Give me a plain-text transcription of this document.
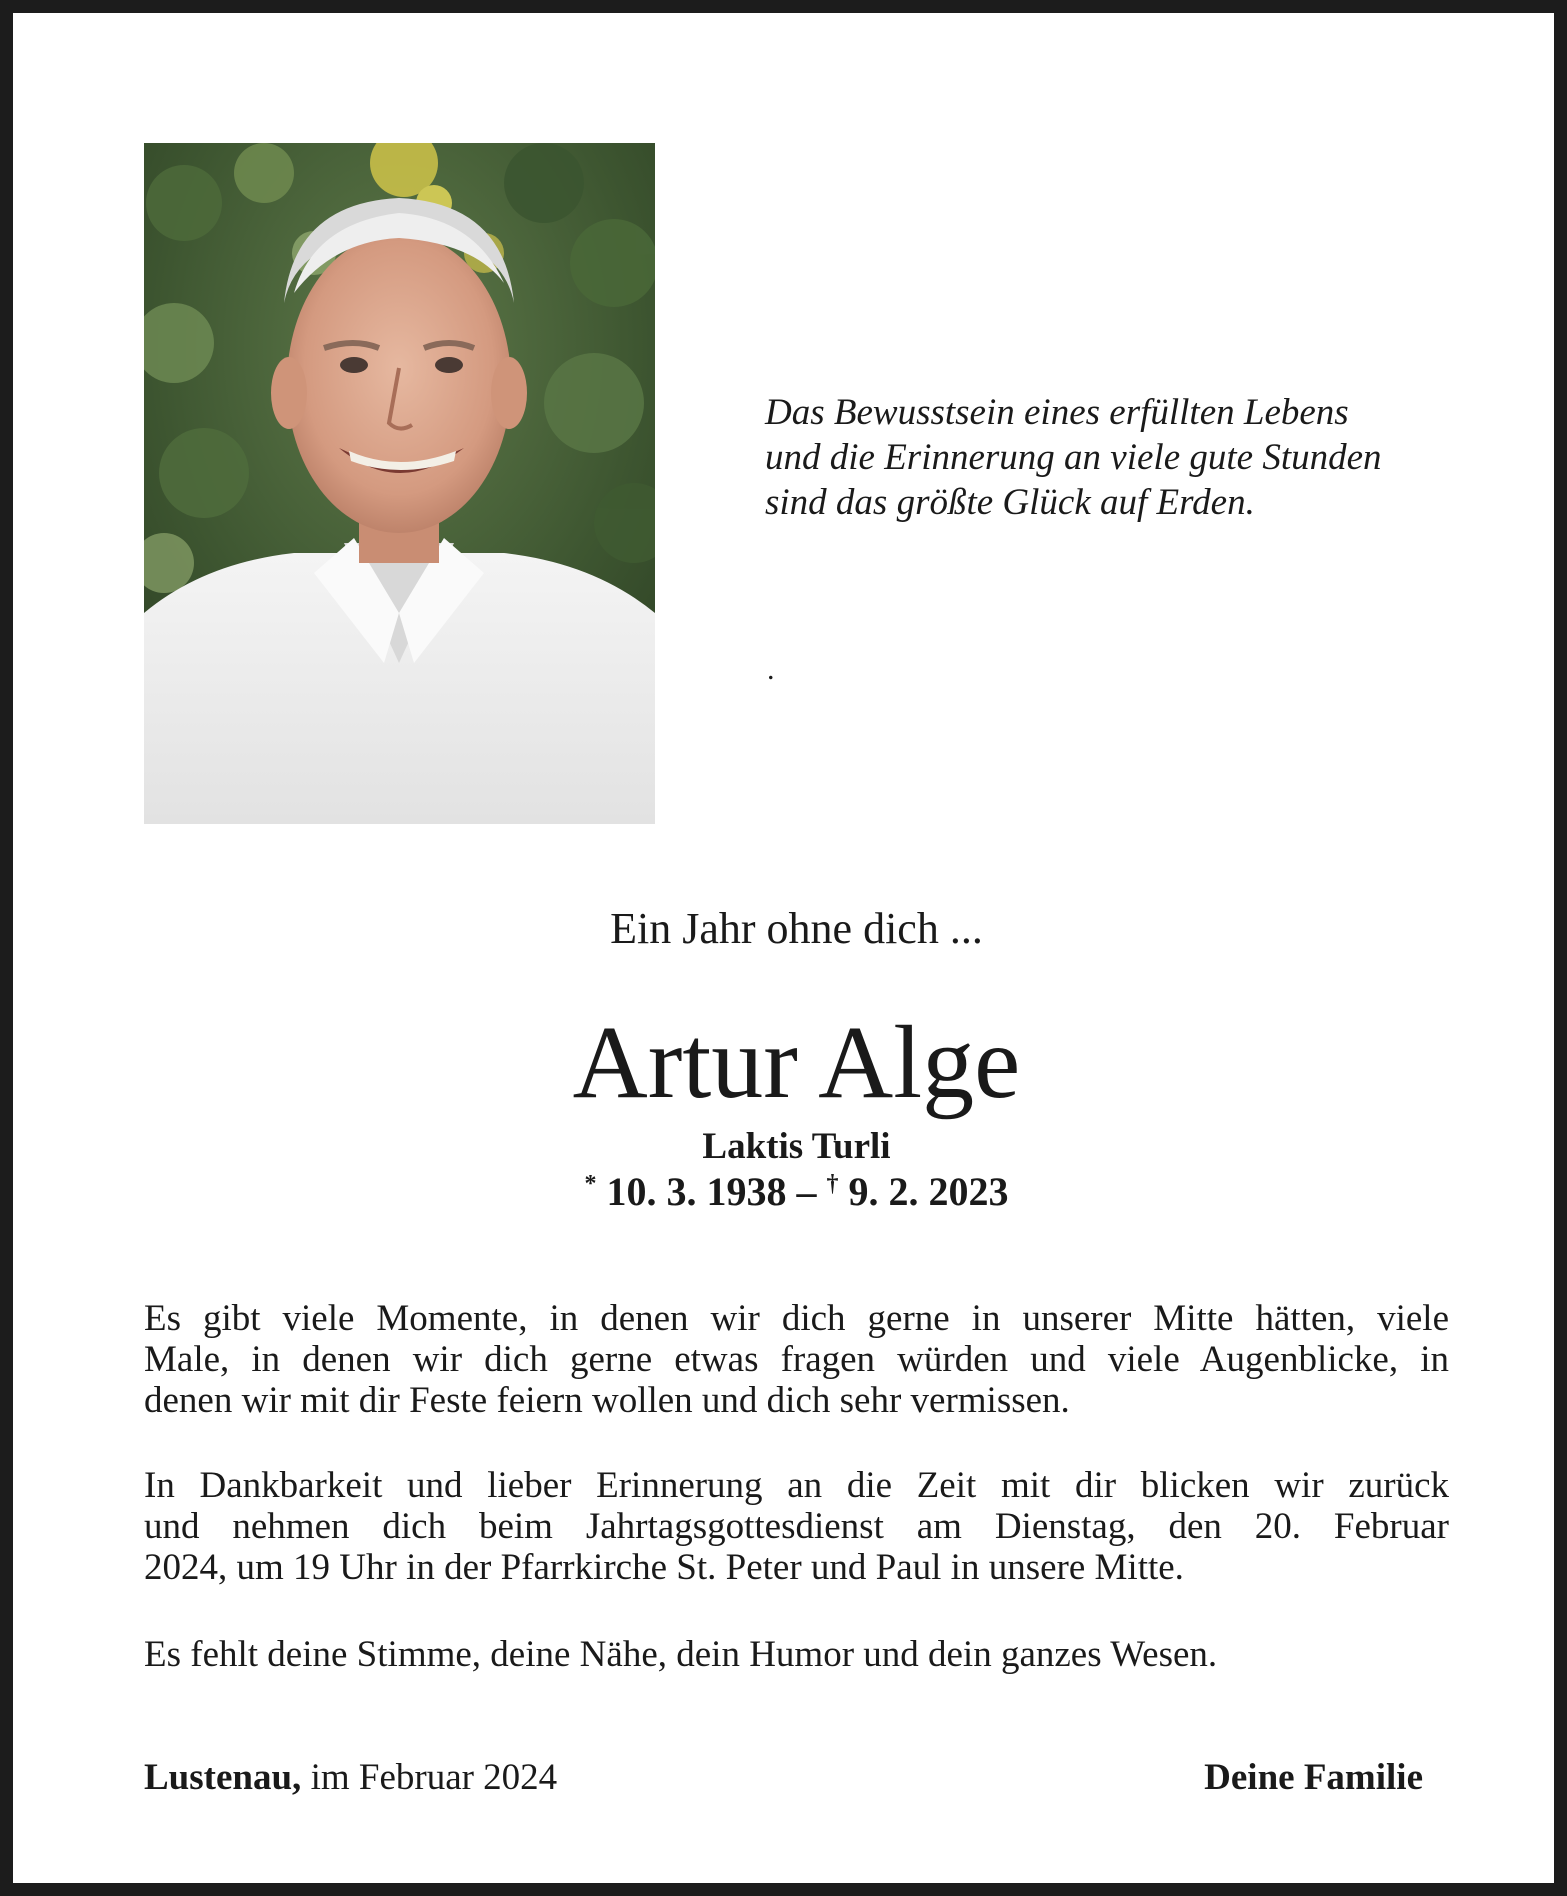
Das Bewusstsein eines erfüllten Lebens
und die Erinnerung an viele gute Stunden
sind das größte Glück auf Erden.
.
Ein Jahr ohne dich ...
Artur Alge
Laktis Turli
* 10. 3. 1938 – † 9. 2. 2023
Es gibt viele Momente, in denen wir dich gerne in unserer Mitte hätten, viele
Male, in denen wir dich gerne etwas fragen würden und viele Augenblicke, in
denen wir mit dir Feste feiern wollen und dich sehr vermissen.
In Dankbarkeit und lieber Erinnerung an die Zeit mit dir blicken wir zurück
und nehmen dich beim Jahrtagsgottesdienst am Dienstag, den 20. Februar
2024, um 19 Uhr in der Pfarrkirche St. Peter und Paul in unsere Mitte.
Es fehlt deine Stimme, deine Nähe, dein Humor und dein ganzes Wesen.
Lustenau, im Februar 2024	Deine Familie
